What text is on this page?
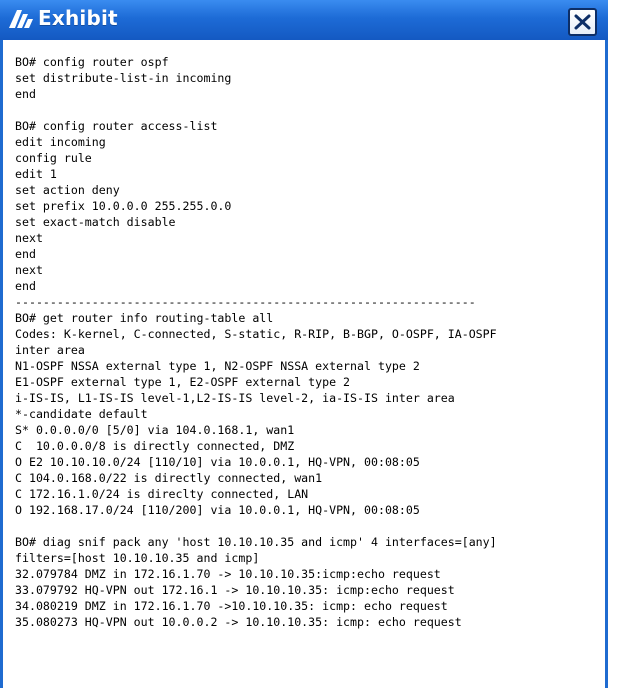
Exhibit
BO# config router ospf
set distribute-list-in incoming
end
BO# config router access-list
edit incoming
config rule
edit 1
set action deny
set prefix 10.0.0.0 255.255.0.0
set exact-match disable
next
end
next
end
------------------------------------------------------------------
BO# get router info routing-table all
Codes: K-kernel, C-connected, S-static, R-RIP, B-BGP, O-OSPF, IA-OSPF
inter area
N1-OSPF NSSA external type 1, N2-OSPF NSSA external type 2
E1-OSPF external type 1, E2-OSPF external type 2
i-IS-IS, L1-IS-IS level-1,L2-IS-IS level-2, ia-IS-IS inter area
*-candidate default
S* 0.0.0.0/0 [5/0] via 104.0.168.1, wan1
C  10.0.0.0/8 is directly connected, DMZ
O E2 10.10.10.0/24 [110/10] via 10.0.0.1, HQ-VPN, 00:08:05
C 104.0.168.0/22 is directly connected, wan1
C 172.16.1.0/24 is direclty connected, LAN
O 192.168.17.0/24 [110/200] via 10.0.0.1, HQ-VPN, 00:08:05
BO# diag snif pack any 'host 10.10.10.35 and icmp' 4 interfaces=[any]
filters=[host 10.10.10.35 and icmp]
32.079784 DMZ in 172.16.1.70 -> 10.10.10.35:icmp:echo request
33.079792 HQ-VPN out 172.16.1 -> 10.10.10.35: icmp:echo request
34.080219 DMZ in 172.16.1.70 ->10.10.10.35: icmp: echo request
35.080273 HQ-VPN out 10.0.0.2 -> 10.10.10.35: icmp: echo request
